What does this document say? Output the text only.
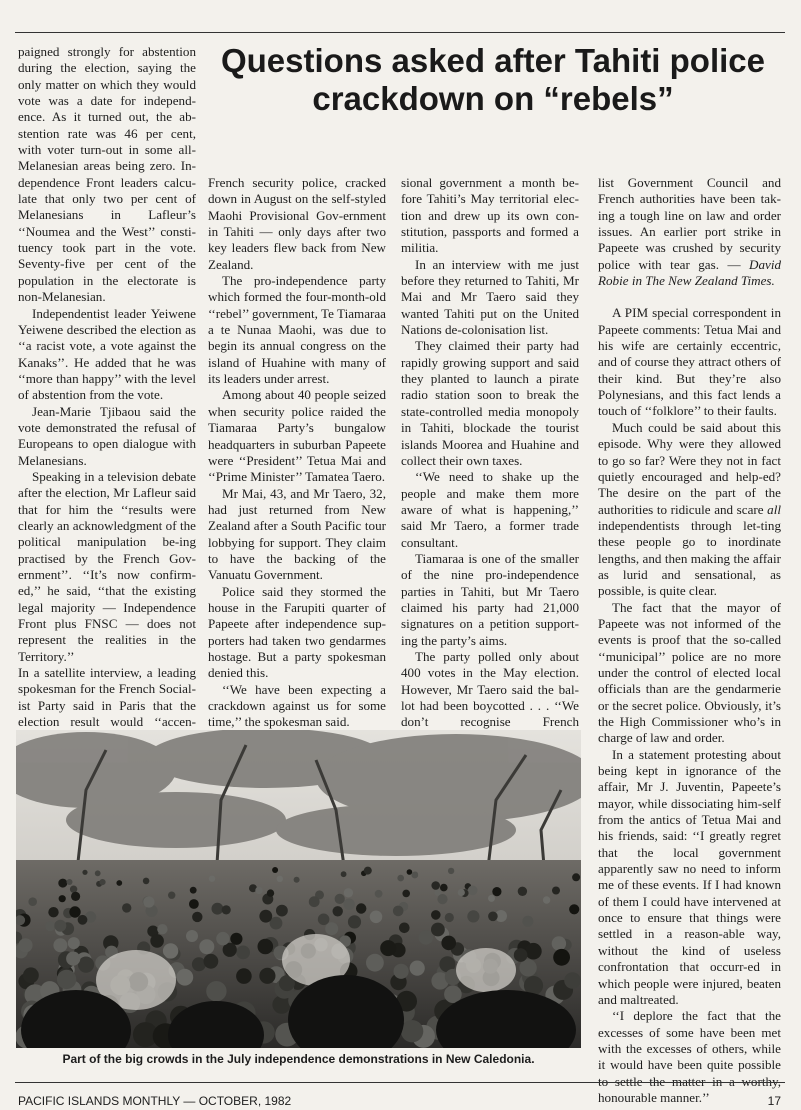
paigned strongly for abstention during the election, saying the only matter on which they would vote was a date for independ-ence. As it turned out, the ab-stention rate was 46 per cent, with voter turn-out in some all-Melanesian areas being zero. In-dependence Front leaders calcu-late that only two per cent of Melanesians in Lafleur’s ‘‘Noumea and the West’’ consti-tuency took part in the vote. Seventy-five per cent of the population in the electorate is non-Melanesian.

Independentist leader Yeiwene Yeiwene described the election as ‘‘a racist vote, a vote against the Kanaks’’. He added that he was ‘‘more than happy’’ with the level of abstention from the vote.

Jean-Marie Tjibaou said the vote demonstrated the refusal of Europeans to open dialogue with Melanesians.

Speaking in a television debate after the election, Mr Lafleur said that for him the ‘‘results were clearly an acknowledgment of the political manipulation be-ing practised by the French Gov-ernment’’. ‘‘It’s now confirm-ed,’’ he said, ‘‘that the existing legal majority — Independence Front plus FNSC — does not represent the realities in the Territory.’’

In a satellite interview, a leading spokesman for the French Social-ist Party said in Paris that the election result would ‘‘accen-

Questions asked after Tahiti police crackdown on “rebels”

French security police, cracked down in August on the self-styled Maohi Provisional Gov-ernment in Tahiti — only days after two key leaders flew back from New Zealand.

The pro-independence party which formed the four-month-old ‘‘rebel’’ government, Te Tiamaraa a te Nunaa Maohi, was due to begin its annual congress on the island of Huahine with many of its leaders under arrest.

Among about 40 people seized when security police raided the Tiamaraa Party’s bungalow headquarters in suburban Papeete were ‘‘President’’ Tetua Mai and ‘‘Prime Minister’’ Tamatea Taero.

Mr Mai, 43, and Mr Taero, 32, had just returned from New Zealand after a South Pacific tour lobbying for support. They claim to have the backing of the Vanuatu Government.

Police said they stormed the house in the Farupiti quarter of Papeete after independence sup-porters had taken two gendarmes hostage. But a party spokesman denied this.

‘‘We have been expecting a crackdown against us for some time,’’ the spokesman said.

sional government a month be-fore Tahiti’s May territorial elec-tion and drew up its own con-stitution, passports and formed a militia.

In an interview with me just before they returned to Tahiti, Mr Mai and Mr Taero said they wanted Tahiti put on the United Nations de-colonisation list.

They claimed their party had rapidly growing support and said they planted to launch a pirate radio station soon to break the state-controlled media monopoly in Tahiti, blockade the tourist islands Moorea and Huahine and collect their own taxes.

‘‘We need to shake up the people and make them more aware of what is happening,’’ said Mr Taero, a former trade consultant.

Tiamaraa is one of the smaller of the nine pro-independence parties in Tahiti, but Mr Taero claimed his party had 21,000 signatures on a petition support-ing the party’s aims.

The party polled only about 400 votes in the May election. However, Mr Taero said the bal-lot had been boycotted . . . ‘‘We don’t recognise French

list Government Council and French authorities have been tak-ing a tough line on law and order issues. An earlier port strike in Papeete was crushed by security police with tear gas. — David Robie in The New Zealand Times.

A PIM special correspondent in Papeete comments: Tetua Mai and his wife are certainly eccentric, and of course they attract others of their kind. But they’re also Polynesians, and this fact lends a touch of ‘‘folklore’’ to their faults.

Much could be said about this episode. Why were they allowed to go so far? Were they not in fact quietly encouraged and help-ed? The desire on the part of the authorities to ridicule and scare all independentists through let-ting these people go to inordinate lengths, and then making the affair as lurid and sensational, as possible, is quite clear.

The fact that the mayor of Papeete was not informed of the events is proof that the so-called ‘‘municipal’’ police are no more under the control of elected local officials than are the gendarmerie or the secret police. Obviously, it’s the High Commissioner who’s in charge of law and order.

In a statement protesting about being kept in ignorance of the affair, Mr J. Juventin, Papeete’s mayor, while dissociating him-self from the antics of Tetua Mai and his friends, said: ‘‘I greatly regret that the local government apparently saw no need to inform me of these events. If I had known of them I could have intervened at once to ensure that things were settled in a reason-able way, without the kind of useless confrontation that occurr-ed in which people were injured, beaten and maltreated.

‘‘I deplore the fact that the excesses of some have been met with the excesses of others, while it would have been quite possible to settle the matter in a worthy, honourable manner.’’

Part of the big crowds in the July independence demonstrations in New Caledonia.
PACIFIC ISLANDS MONTHLY — OCTOBER, 1982	17
